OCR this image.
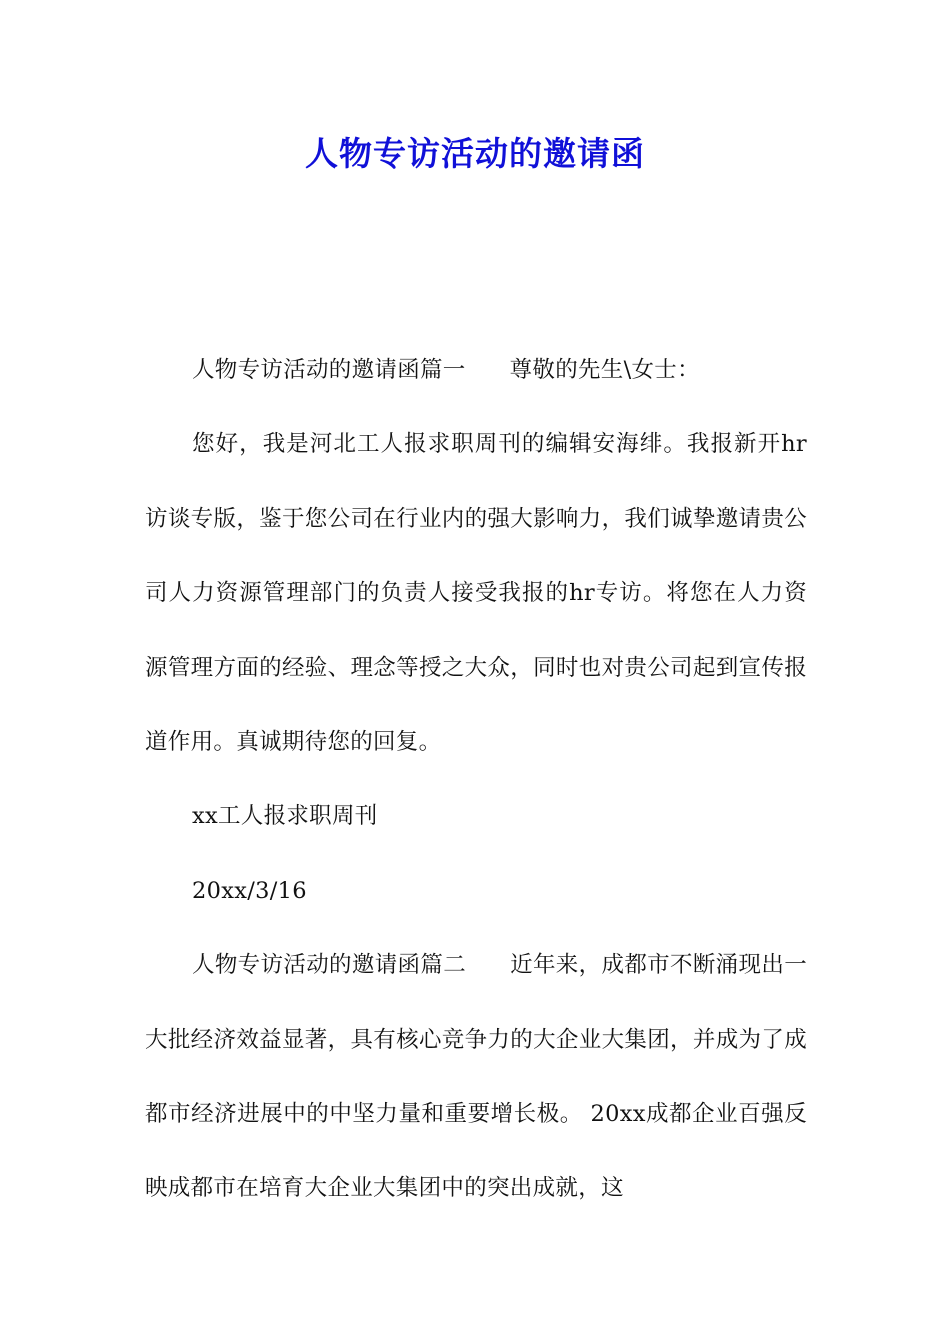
人物专访活动的邀请函

人物专访活动的邀请函篇一 尊敬的先生\女士：

您好，我是河北工人报求职周刊的编辑安海绯。我报新开hr访谈专版，鉴于您公司在行业内的强大影响力，我们诚挚邀请贵公司人力资源管理部门的负责人接受我报的hr专访。将您在人力资源管理方面的经验、理念等授之大众，同时也对贵公司起到宣传报道作用。真诚期待您的回复。

xx工人报求职周刊

20xx/3/16

人物专访活动的邀请函篇二 近年来，成都市不断涌现出一大批经济效益显著，具有核心竞争力的大企业大集团，并成为了成都市经济进展中的中坚力量和重要增长极。 20xx成都企业百强反映成都市在培育大企业大集团中的突出成就，这
